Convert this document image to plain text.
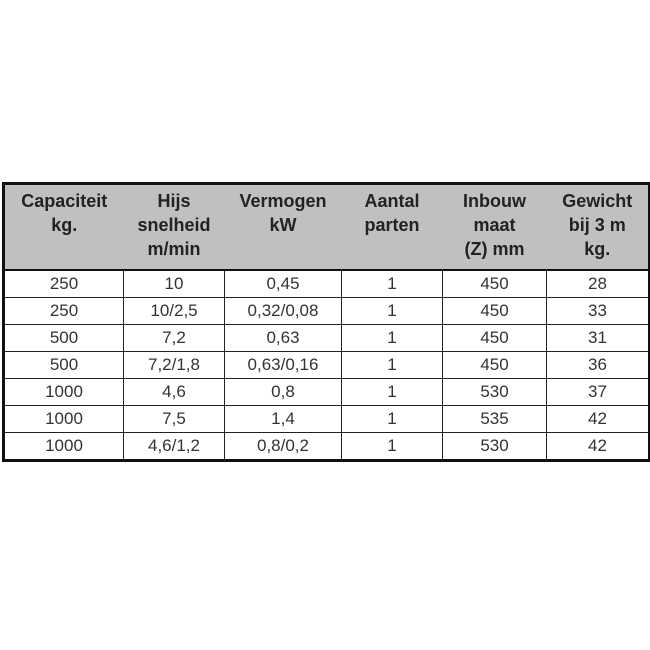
Capaciteit
kg.	Hijs
snelheid
m/min	Vermogen
kW	Aantal
parten	Inbouw
maat
(Z) mm	Gewicht
bij 3 m
kg.

250	10	0,45	1	450	28
250	10/2,5	0,32/0,08	1	450	33
500	7,2	0,63	1	450	31
500	7,2/1,8	0,63/0,16	1	450	36
1000	4,6	0,8	1	530	37
1000	7,5	1,4	1	535	42
1000	4,6/1,2	0,8/0,2	1	530	42
